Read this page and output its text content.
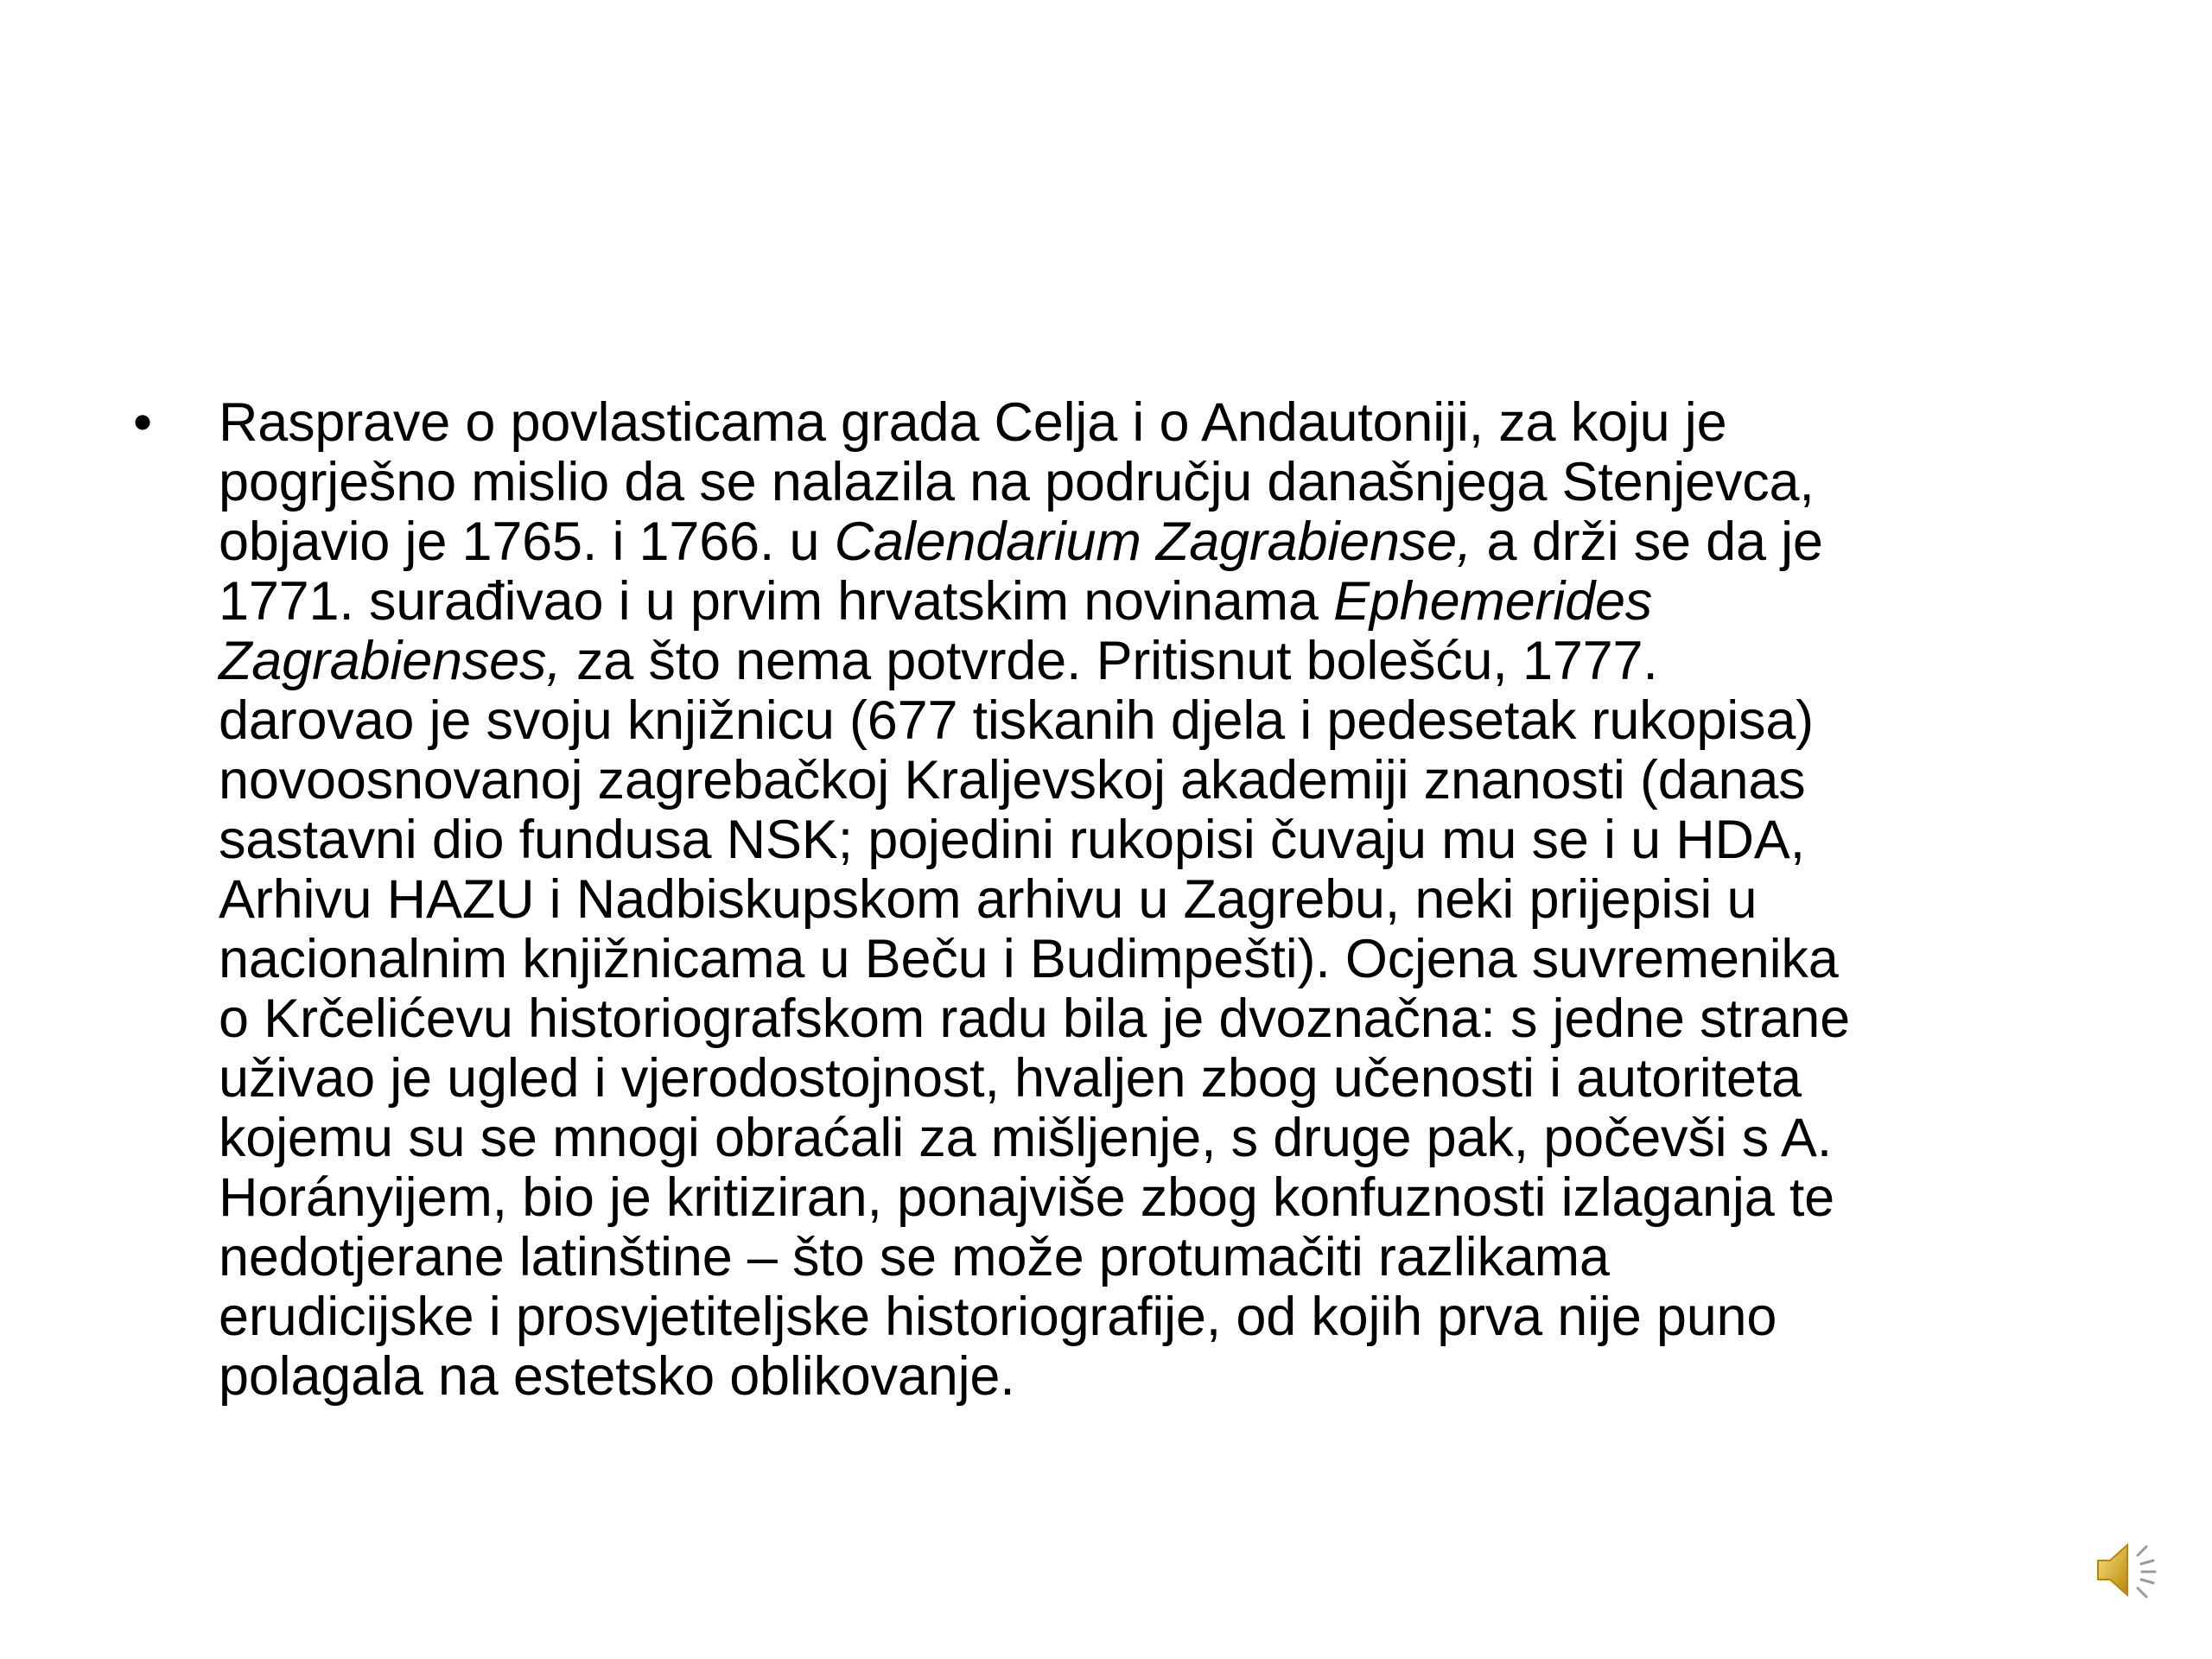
• Rasprave o povlasticama grada Celja i o Andautoniji, za koju je
pogrješno mislio da se nalazila na području današnjega Stenjevca,
objavio je 1765. i 1766. u Calendarium Zagrabiense, a drži se da je
1771. surađivao i u prvim hrvatskim novinama Ephemerides
Zagrabienses, za što nema potvrde. Pritisnut bolešću, 1777.
darovao je svoju knjižnicu (677 tiskanih djela i pedesetak rukopisa)
novoosnovanoj zagrebačkoj Kraljevskoj akademiji znanosti (danas
sastavni dio fundusa NSK; pojedini rukopisi čuvaju mu se i u HDA,
Arhivu HAZU i Nadbiskupskom arhivu u Zagrebu, neki prijepisi u
nacionalnim knjižnicama u Beču i Budimpešti). Ocjena suvremenika
o Krčelićevu historiografskom radu bila je dvoznačna: s jedne strane
uživao je ugled i vjerodostojnost, hvaljen zbog učenosti i autoriteta
kojemu su se mnogi obraćali za mišljenje, s druge pak, počevši s A.
Horányijem, bio je kritiziran, ponajviše zbog konfuznosti izlaganja te
nedotjerane latinštine – što se može protumačiti razlikama
erudicijske i prosvjetiteljske historiografije, od kojih prva nije puno
polagala na estetsko oblikovanje.
